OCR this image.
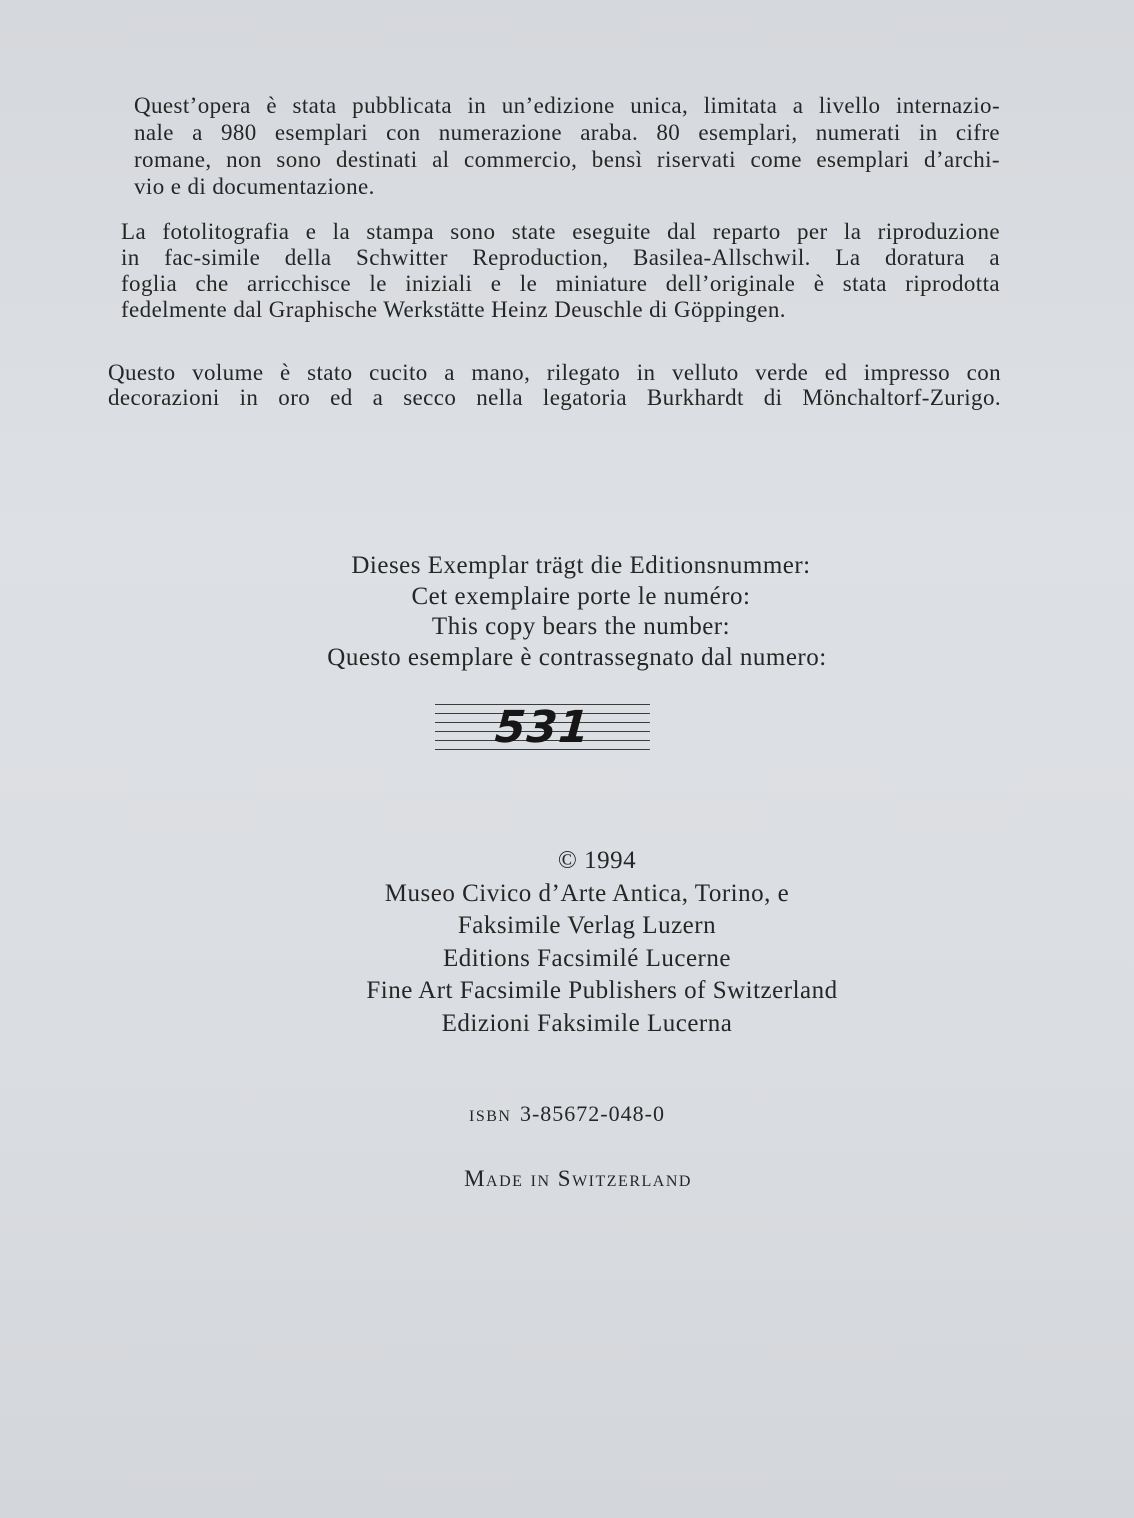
Quest’opera è stata pubblicata in un’edizione unica, limitata a livello internazio-
nale a 980 esemplari con numerazione araba. 80 esemplari, numerati in cifre
romane, non sono destinati al commercio, bensì riservati come esemplari d’archi-
vio e di documentazione.
La fotolitografia e la stampa sono state eseguite dal reparto per la riproduzione
in fac-simile della Schwitter Reproduction, Basilea-Allschwil. La doratura a
foglia che arricchisce le iniziali e le miniature dell’originale è stata riprodotta
fedelmente dal Graphische Werkstätte Heinz Deuschle di Göppingen.
Questo volume è stato cucito a mano, rilegato in velluto verde ed impresso con
decorazioni in oro ed a secco nella legatoria Burkhardt di Mönchaltorf-Zurigo.
Dieses Exemplar trägt die Editionsnummer:
Cet exemplaire porte le numéro:
This copy bears the number:
Questo esemplare è contrassegnato dal numero:
531
© 1994
Museo Civico d’Arte Antica, Torino, e
Faksimile Verlag Luzern
Editions Facsimilé Lucerne
Fine Art Facsimile Publishers of Switzerland
Edizioni Faksimile Lucerna
ISBN 3-85672-048-0
Made in Switzerland
